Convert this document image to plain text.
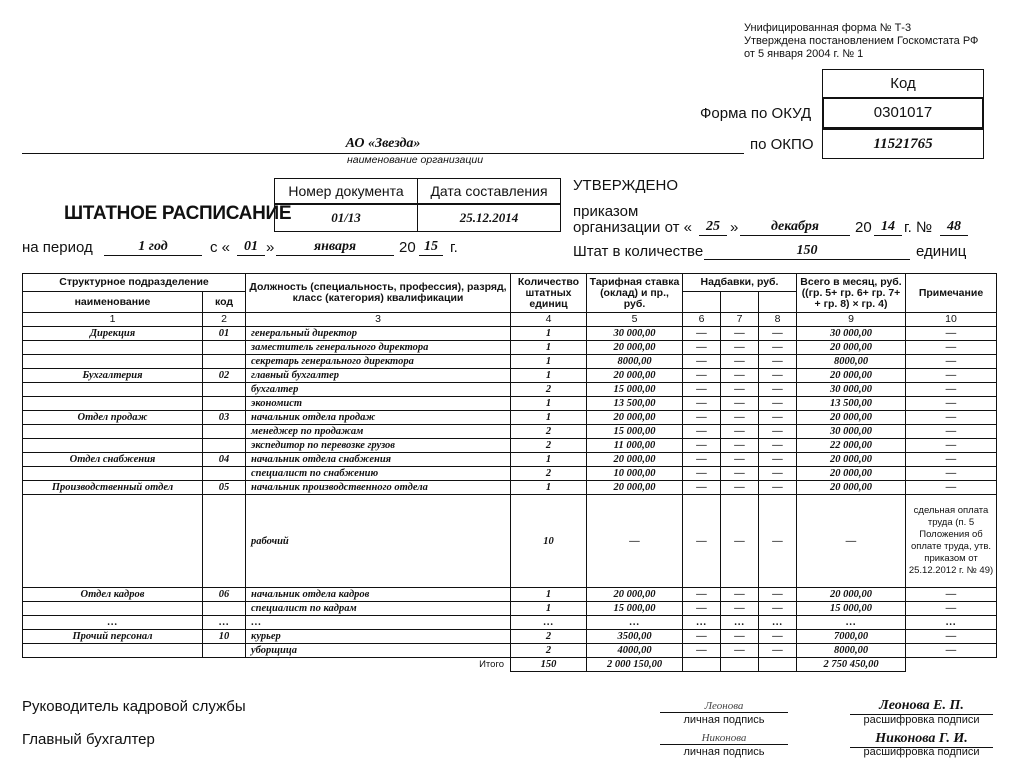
Унифицированная форма № Т-3
Утверждена постановлением Госкомстата РФ
от 5 января 2004 г. № 1
Код
0301017
11521765
Форма по ОКУД
по ОКПО
АО «Звезда»
наименование организации
ШТАТНОЕ РАСПИСАНИЕ
Номер документа
01/13
Дата составления
25.12.2014
УТВЕРЖДЕНО
приказом
организации от «	25 »	декабря	20 14 г. №	48
Штат в количестве	150	единиц
на период	1 год	с « 01 »	января	20 15 г.
Структурное подразделение		Должность (специальность, профессия), разряд, класс (категория) квалификации	Количество штатных единиц	Тарифная ставка (оклад) и пр., руб.	Надбавки, руб.			Всего в месяц, руб. ((гр. 5+ гр. 6+ гр. 7+ + гр. 8) × гр. 4)	Примечание
наименование	код								
1	2	3	4	5	6	7	8	9	10
Дирекция	01	генеральный директор	1	30 000,00	—	—	—	30 000,00	—
		заместитель генерального директора	1	20 000,00	—	—	—	20 000,00	—
		секретарь генерального директора	1	8000,00	—	—	—	8000,00	—
Бухгалтерия	02	главный бухгалтер	1	20 000,00	—	—	—	20 000,00	—
		бухгалтер	2	15 000,00	—	—	—	30 000,00	—
		экономист	1	13 500,00	—	—	—	13 500,00	—
Отдел продаж	03	начальник отдела продаж	1	20 000,00	—	—	—	20 000,00	—
		менеджер по продажам	2	15 000,00	—	—	—	30 000,00	—
		экспедитор по перевозке грузов	2	11 000,00	—	—	—	22 000,00	—
Отдел снабжения	04	начальник отдела снабжения	1	20 000,00	—	—	—	20 000,00	—
		специалист по снабжению	2	10 000,00	—	—	—	20 000,00	—
Производственный отдел	05	начальник производственного отдела	1	20 000,00	—	—	—	20 000,00	—
		рабочий	10	—	—	—	—	—	сдельная оплата труда (п. 5 Положения об оплате труда, утв. приказом от 25.12.2012 г. № 49)
Отдел кадров	06	начальник отдела кадров	1	20 000,00	—	—	—	20 000,00	—
		специалист по кадрам	1	15 000,00	—	—	—	15 000,00	—
…	…	…	…	…	…	…	…	…	…
Прочий персонал	10	курьер	2	3500,00	—	—	—	7000,00	—
		уборщица	2	4000,00	—	—	—	8000,00	—
Итого			150	2 000 150,00				2 750 450,00	
Руководитель кадровой службы	Леонова
личная подпись
Леонова Е. П.
расшифровка подписи
Главный бухгалтер	Никонова
личная подпись
Никонова Г. И.
расшифровка подписи
